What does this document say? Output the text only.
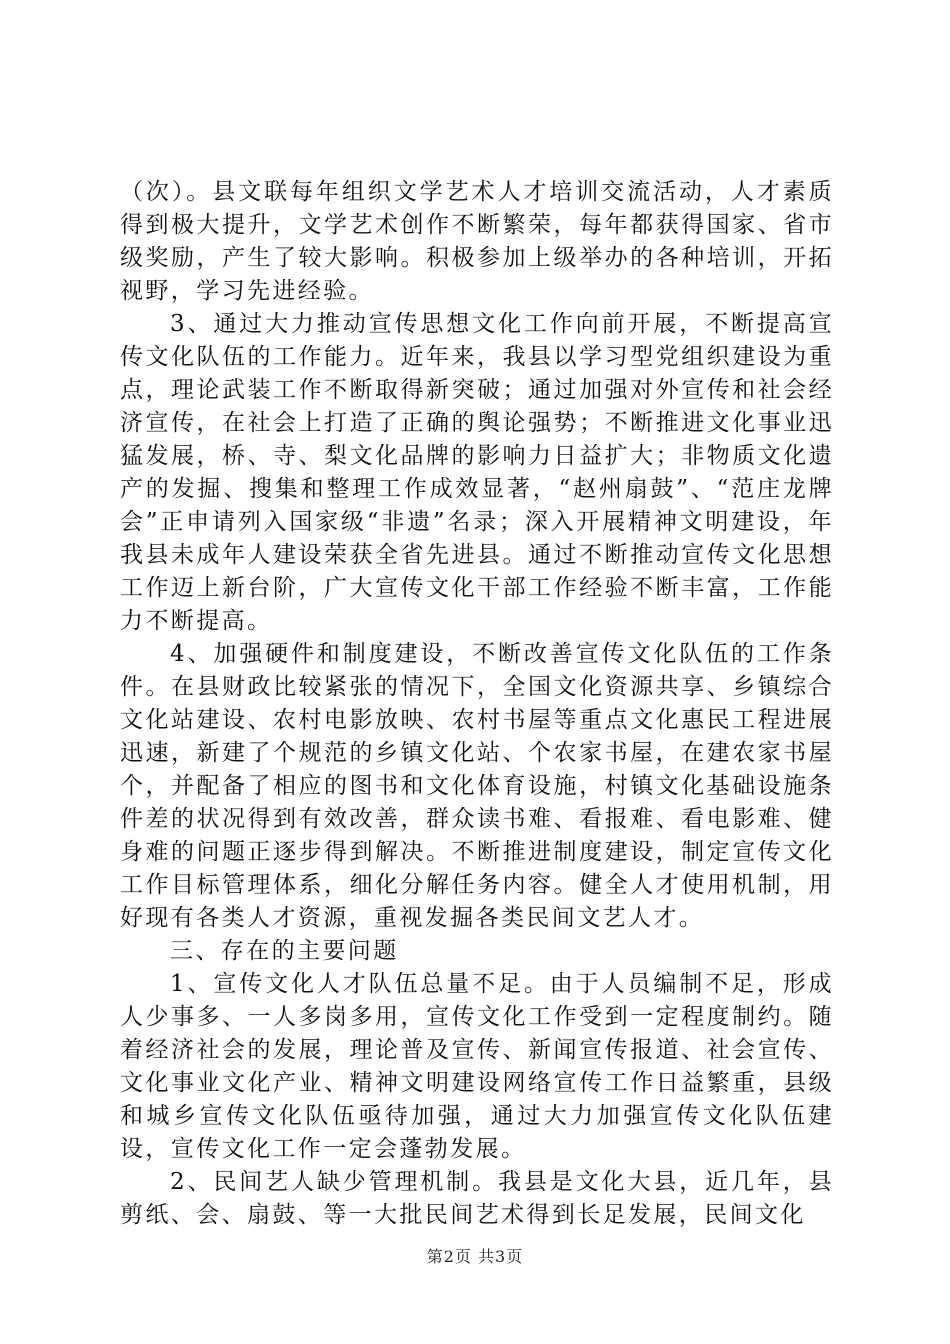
（次）。县文联每年组织文学艺术人才培训交流活动，人才素质得到极大提升，文学艺术创作不断繁荣，每年都获得国家、省市级奖励，产生了较大影响。积极参加上级举办的各种培训，开拓视野，学习先进经验。

3、通过大力推动宣传思想文化工作向前开展，不断提高宣传文化队伍的工作能力。近年来，我县以学习型党组织建设为重点，理论武装工作不断取得新突破；通过加强对外宣传和社会经济宣传，在社会上打造了正确的舆论强势；不断推进文化事业迅猛发展，桥、寺、梨文化品牌的影响力日益扩大；非物质文化遗产的发掘、搜集和整理工作成效显著，“赵州扇鼓”、“范庄龙牌会”正申请列入国家级“非遗”名录；深入开展精神文明建设，年我县未成年人建设荣获全省先进县。通过不断推动宣传文化思想工作迈上新台阶，广大宣传文化干部工作经验不断丰富，工作能力不断提高。

4、加强硬件和制度建设，不断改善宣传文化队伍的工作条件。在县财政比较紧张的情况下，全国文化资源共享、乡镇综合文化站建设、农村电影放映、农村书屋等重点文化惠民工程进展迅速，新建了个规范的乡镇文化站、个农家书屋，在建农家书屋个，并配备了相应的图书和文化体育设施，村镇文化基础设施条件差的状况得到有效改善，群众读书难、看报难、看电影难、健身难的问题正逐步得到解决。不断推进制度建设，制定宣传文化工作目标管理体系，细化分解任务内容。健全人才使用机制，用好现有各类人才资源，重视发掘各类民间文艺人才。

三、存在的主要问题

1、宣传文化人才队伍总量不足。由于人员编制不足，形成人少事多、一人多岗多用，宣传文化工作受到一定程度制约。随着经济社会的发展，理论普及宣传、新闻宣传报道、社会宣传、文化事业文化产业、精神文明建设网络宣传工作日益繁重，县级和城乡宣传文化队伍亟待加强，通过大力加强宣传文化队伍建设，宣传文化工作一定会蓬勃发展。

2、民间艺人缺少管理机制。我县是文化大县，近几年，县剪纸、会、扇鼓、等一大批民间艺术得到长足发展，民间文化

第2页 共3页
